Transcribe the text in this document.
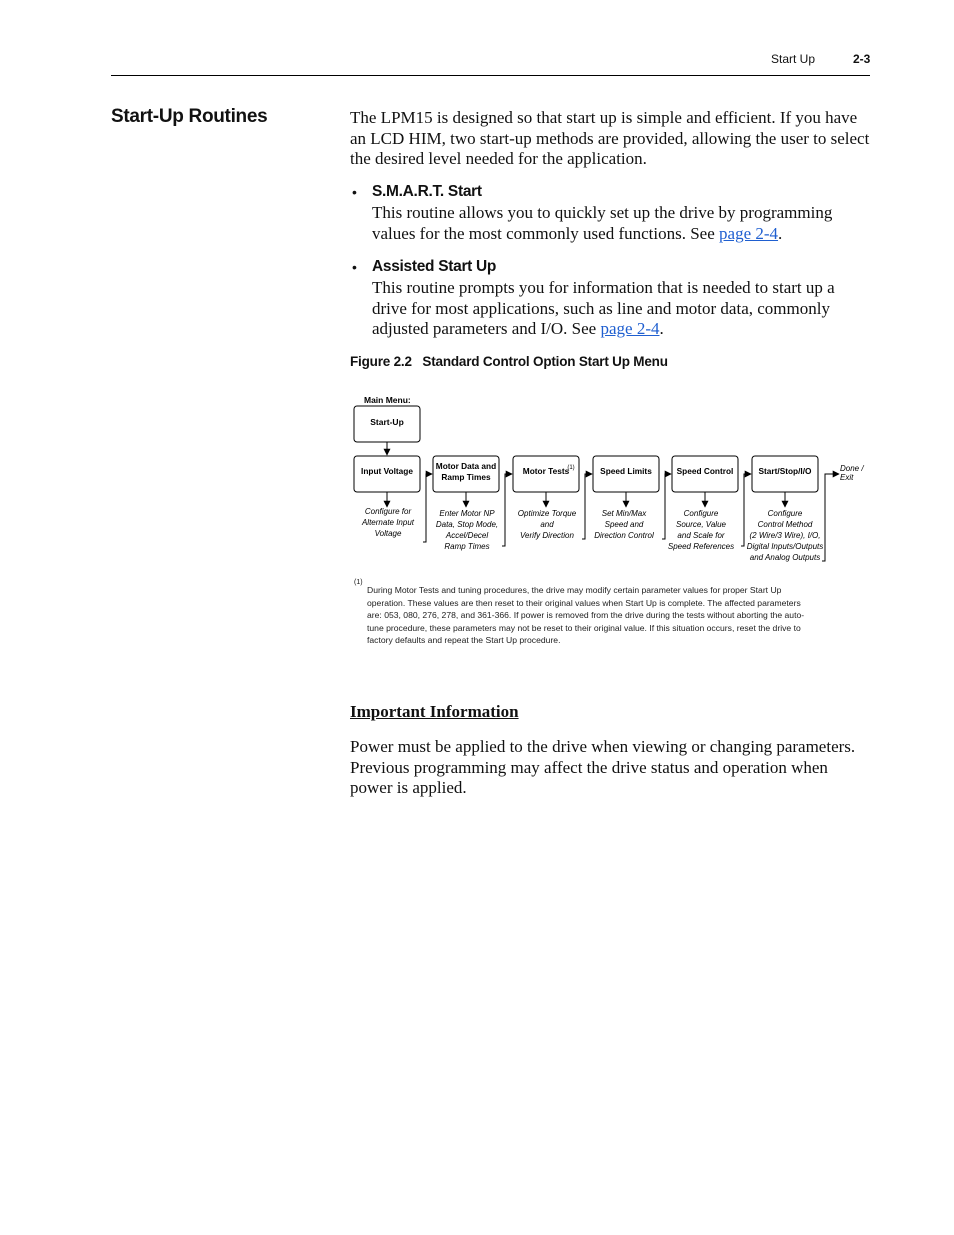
Start Up	2-3
Start-Up Routines	The LPM15 is designed so that start up is simple and efficient. If you have an LCD HIM, two start-up methods are provided, allowing the user to select the desired level needed for the application.

• S.M.A.R.T. Start

This routine allows you to quickly set up the drive by programming values for the most commonly used functions. See page 2-4.

• Assisted Start Up

This routine prompts you for information that is needed to start up a drive for most applications, such as line and motor data, commonly adjusted parameters and I/O. See page 2-4.

Figure 2.2   Standard Control Option Start Up Menu
Main Menu:
Start-Up
Input Voltage
Configure for
Alternate Input
Voltage
Motor Data and
Ramp Times
Enter Motor NP
Data, Stop Mode,
Accel/Decel
Ramp Times
Motor Tests
(1)
Optimize Torque
and
Verify Direction
Speed Limits
Set Min/Max
Speed and
Direction Control
Speed Control
Configure
Source, Value
and Scale for
Speed References
Start/Stop/I/O
Configure
Control Method
(2 Wire/3 Wire), I/O,
Digital Inputs/Outputs
and Analog Outputs
Done /
Exit
(1)

During Motor Tests and tuning procedures, the drive may modify certain parameter values for proper Start Up operation. These values are then reset to their original values when Start Up is complete. The affected parameters are: 053, 080, 276, 278, and 361-366. If power is removed from the drive during the tests without aborting the auto-tune procedure, these parameters may not be reset to their original value. If this situation occurs, reset the drive to factory defaults and repeat the Start Up procedure.

Important Information

Power must be applied to the drive when viewing or changing parameters. Previous programming may affect the drive status and operation when power is applied.
